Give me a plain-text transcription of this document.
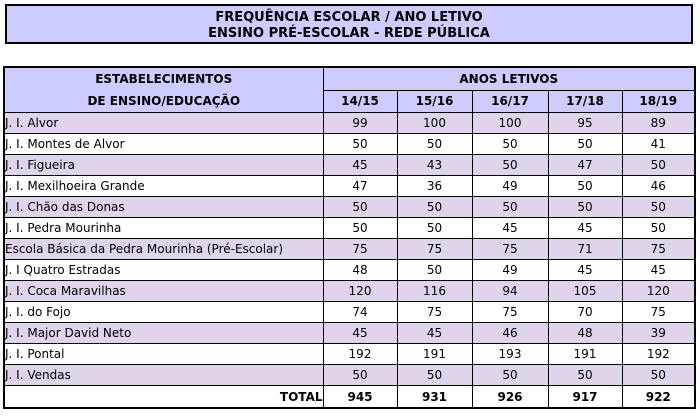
FREQUÊNCIA ESCOLAR / ANO LETIVO
ENSINO PRÉ-ESCOLAR - REDE PÚBLICA
ESTABELECIMENTOS
DE ENSINO/EDUCAÇÃO	ANOS LETIVOS				
	14/15	15/16	16/17	17/18	18/19
J. I. Alvor	99	100	100	95	89
J. I. Montes de Alvor	50	50	50	50	41
J. I. Figueira	45	43	50	47	50
J. I. Mexilhoeira Grande	47	36	49	50	46
J. I. Chão das Donas	50	50	50	50	50
J. I. Pedra Mourinha	50	50	45	45	50
Escola Básica da Pedra Mourinha (Pré-Escolar)	75	75	75	71	75
J. I Quatro Estradas	48	50	49	45	45
J. I. Coca Maravilhas	120	116	94	105	120
J. I. do Fojo	74	75	75	70	75
J. I. Major David Neto	45	45	46	48	39
J. I. Pontal	192	191	193	191	192
J. I. Vendas	50	50	50	50	50
TOTAL	945	931	926	917	922
